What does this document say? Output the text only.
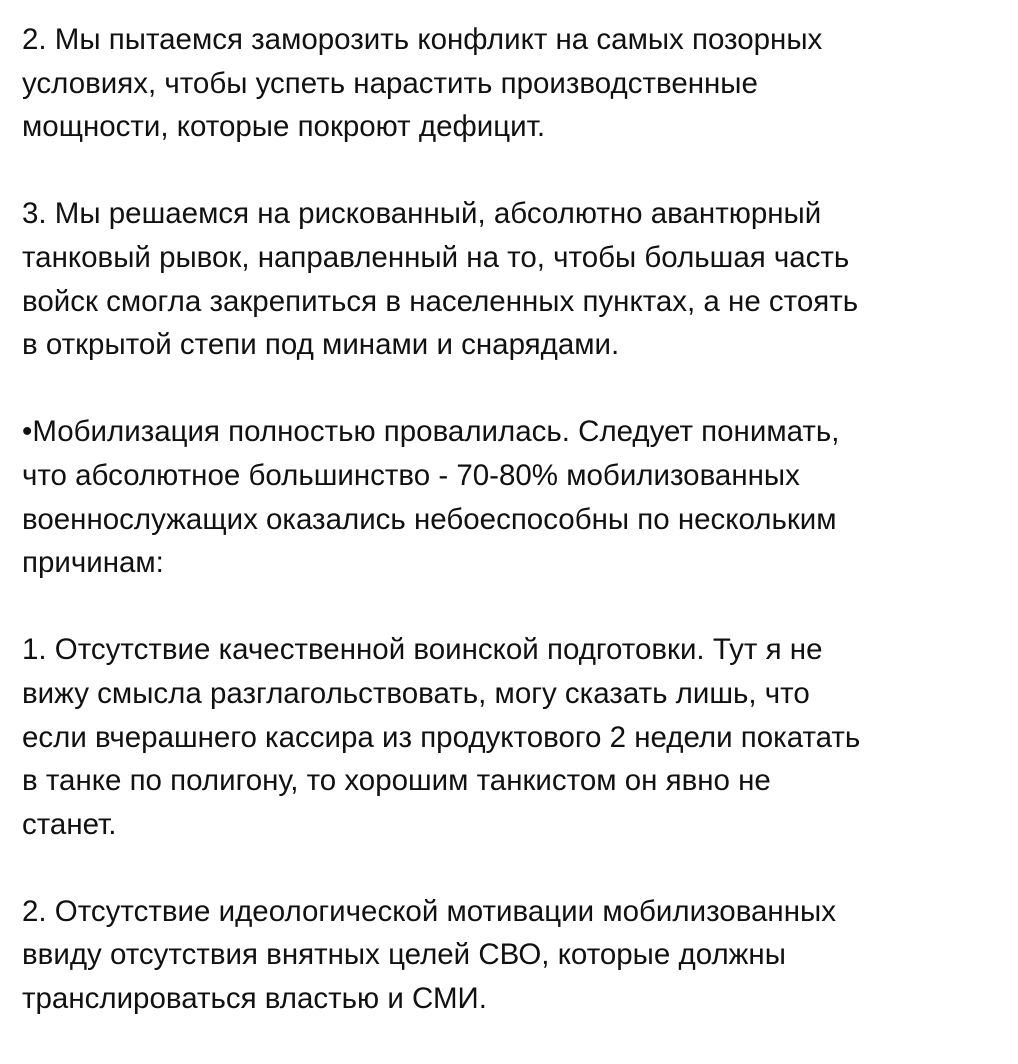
2. Мы пытаемся заморозить конфликт на самых позорных
условиях, чтобы успеть нарастить производственные
мощности, которые покроют дефицит.

3. Мы решаемся на рискованный, абсолютно авантюрный
танковый рывок, направленный на то, чтобы большая часть
войск смогла закрепиться в населенных пунктах, а не стоять
в открытой степи под минами и снарядами.

•Мобилизация полностью провалилась. Следует понимать,
что абсолютное большинство - 70-80% мобилизованных
военнослужащих оказались небоеспособны по нескольким
причинам:

1. Отсутствие качественной воинской подготовки. Тут я не
вижу смысла разглагольствовать, могу сказать лишь, что
если вчерашнего кассира из продуктового 2 недели покатать
в танке по полигону, то хорошим танкистом он явно не
станет.

2. Отсутствие идеологической мотивации мобилизованных
ввиду отсутствия внятных целей СВО, которые должны
транслироваться властью и СМИ.
